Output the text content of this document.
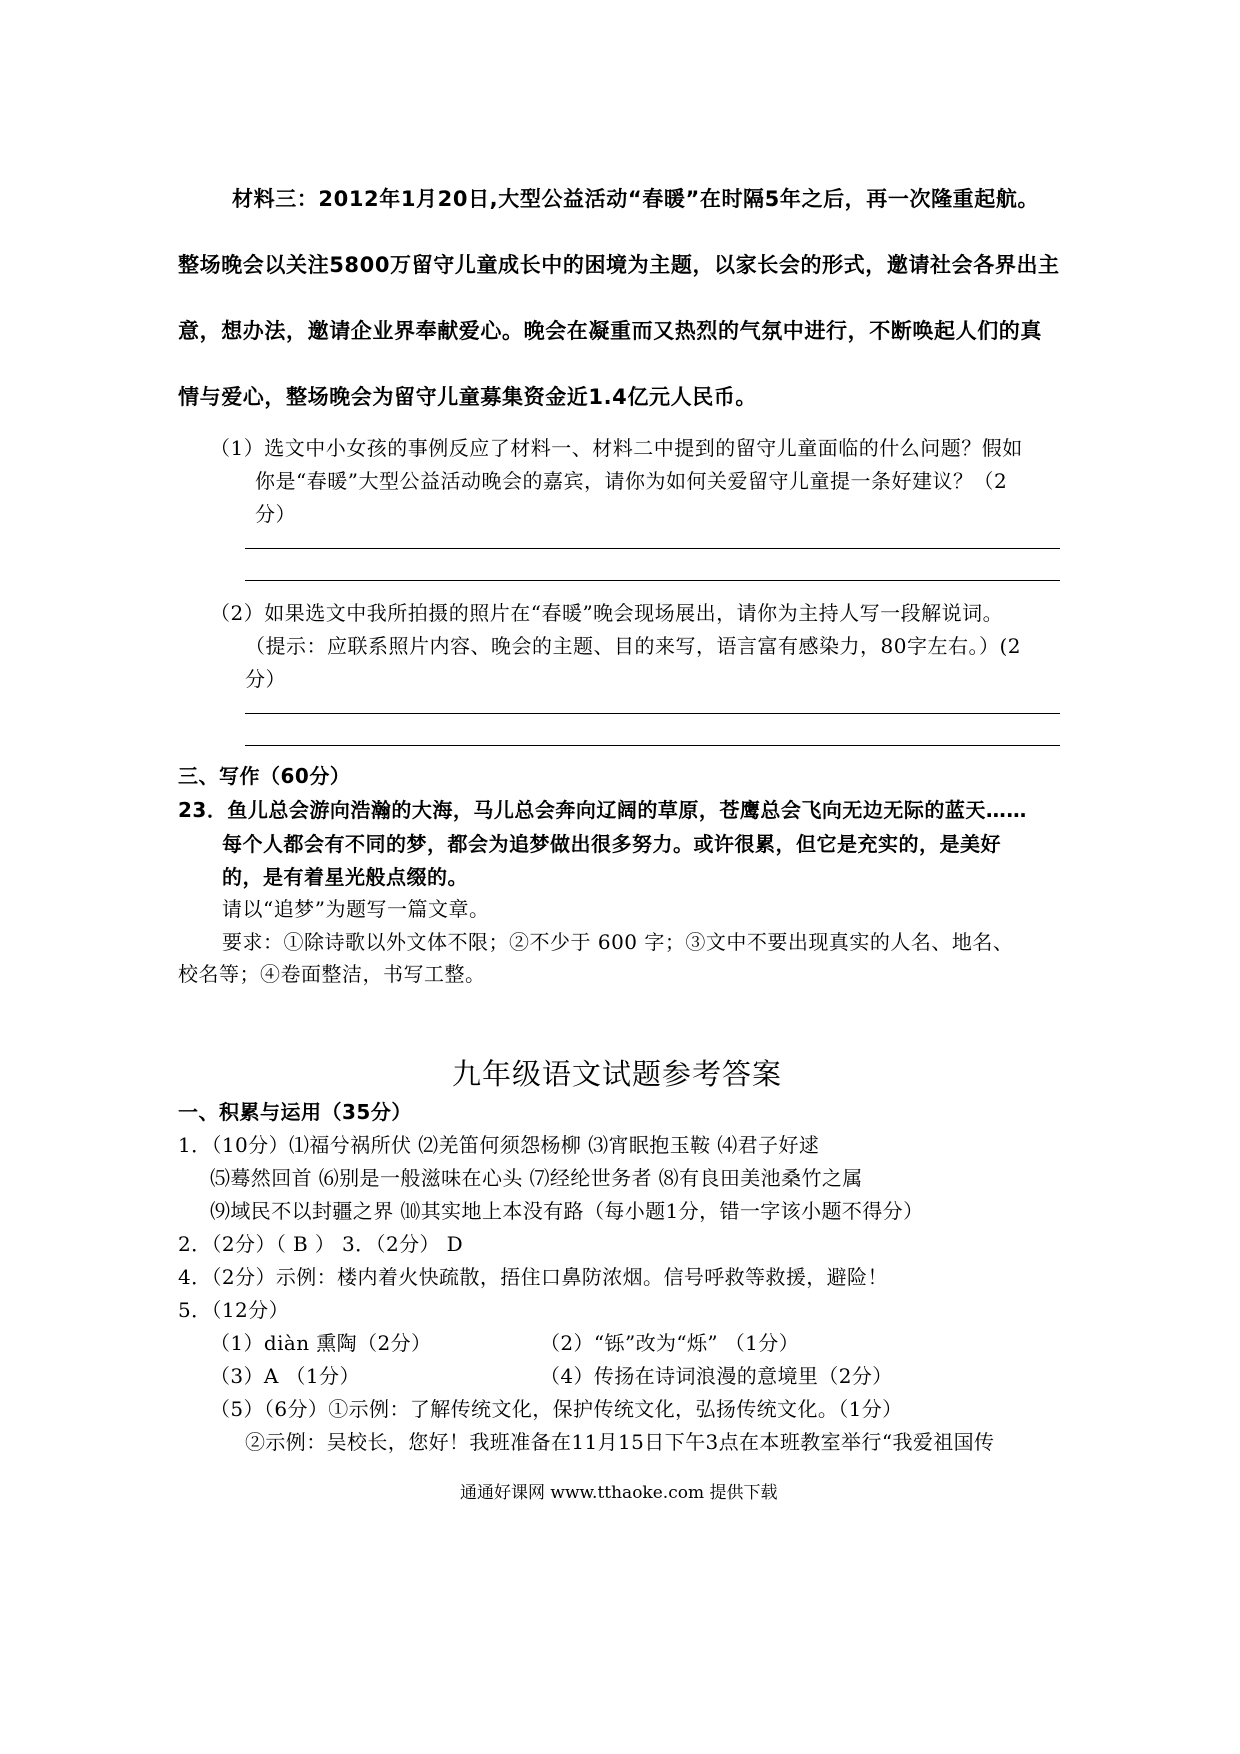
材料三：2012年1月20日,大型公益活动“春暖”在时隔5年之后，再一次隆重起航。
整场晚会以关注5800万留守儿童成长中的困境为主题，以家长会的形式，邀请社会各界出主
意，想办法，邀请企业界奉献爱心。晚会在凝重而又热烈的气氛中进行，不断唤起人们的真
情与爱心，整场晚会为留守儿童募集资金近1.4亿元人民币。
（1）选文中小女孩的事例反应了材料一、材料二中提到的留守儿童面临的什么问题？假如
你是“春暖”大型公益活动晚会的嘉宾，请你为如何关爱留守儿童提一条好建议？（2
分）
（2）如果选文中我所拍摄的照片在“春暖”晚会现场展出，请你为主持人写一段解说词。
（提示：应联系照片内容、晚会的主题、目的来写，语言富有感染力，80字左右。）(2
分）
三、写作（60分）
23．鱼儿总会游向浩瀚的大海，马儿总会奔向辽阔的草原，苍鹰总会飞向无边无际的蓝天……
每个人都会有不同的梦，都会为追梦做出很多努力。或许很累，但它是充实的，是美好
的，是有着星光般点缀的。
请以“追梦”为题写一篇文章。
要求：①除诗歌以外文体不限；②不少于 600 字；③文中不要出现真实的人名、地名、
校名等；④卷面整洁，书写工整。
九年级语文试题参考答案
一、积累与运用（35分）
1．（10分）⑴福兮祸所伏 ⑵羌笛何须怨杨柳 ⑶宵眠抱玉鞍 ⑷君子好逑
⑸蓦然回首 ⑹别是一般滋味在心头 ⑺经纶世务者 ⑻有良田美池桑竹之属
⑼域民不以封疆之界 ⑽其实地上本没有路（每小题1分，错一字该小题不得分）
2．（2分）（ B ） 3．（2分） D
4．（2分）示例：楼内着火快疏散，捂住口鼻防浓烟。信号呼救等救援，避险！
5．（12分）
（1）diàn 熏陶（2分）	（2）“铄”改为“烁” （1分）
（3）A （1分）	（4）传扬在诗词浪漫的意境里（2分）
（5）（6分）①示例：了解传统文化，保护传统文化，弘扬传统文化。（1分）
②示例：吴校长，您好！我班准备在11月15日下午3点在本班教室举行“我爱祖国传
通通好课网 www.tthaoke.com 提供下载
